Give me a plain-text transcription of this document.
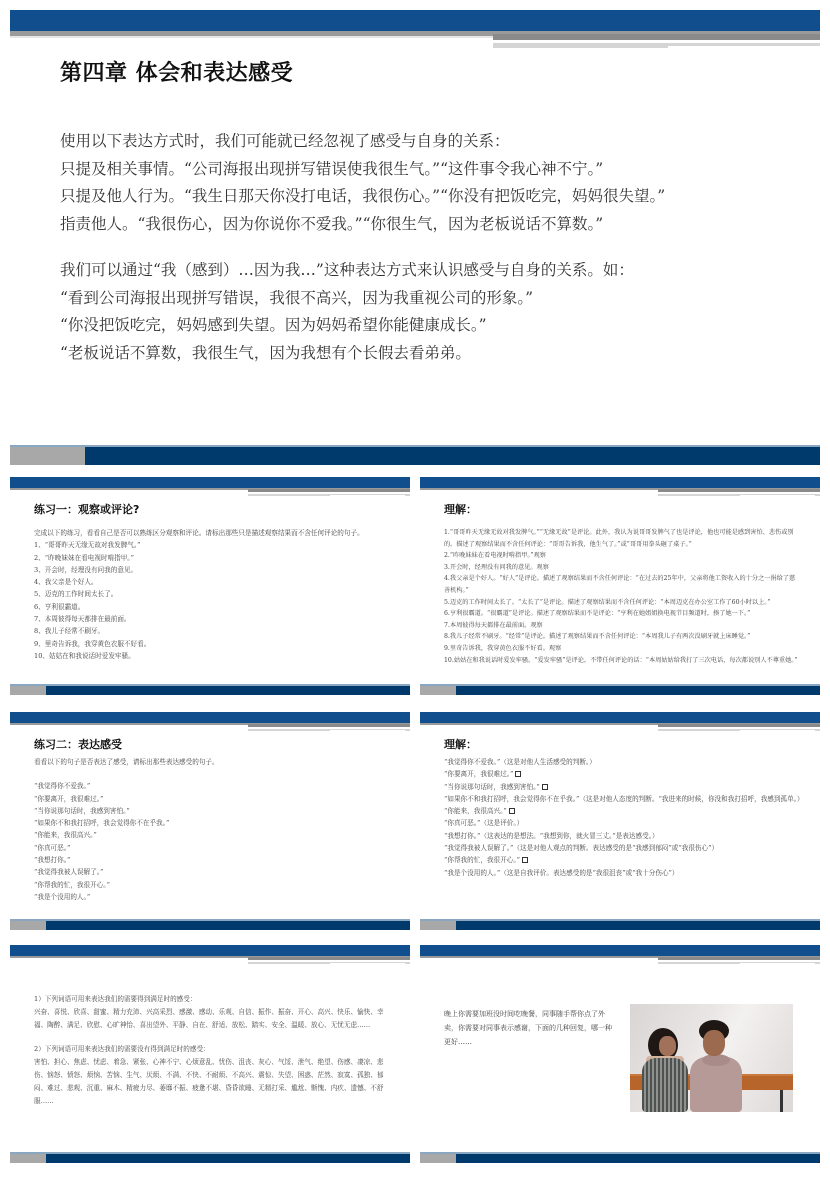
第四章 体会和表达感受
使用以下表达方式时，我们可能就已经忽视了感受与自身的关系：
只提及相关事情。“公司海报出现拼写错误使我很生气。”“这件事令我心神不宁。”
只提及他人行为。“我生日那天你没打电话，我很伤心。”“你没有把饭吃完，妈妈很失望。”
指责他人。“我很伤心，因为你说你不爱我。”“你很生气，因为老板说话不算数。”
我们可以通过“我（感到）…因为我…”这种表达方式来认识感受与自身的关系。如：
“看到公司海报出现拼写错误，我很不高兴，因为我重视公司的形象。”
“你没把饭吃完，妈妈感到失望。因为妈妈希望你能健康成长。”
“老板说话不算数，我很生气，因为我想有个长假去看弟弟。
练习一：观察或评论?
完成以下的练习，看看自己是否可以熟练区分观察和评论。请标出那些只是描述观察结果而不含任何评论的句子。
1、“哥哥昨天无缘无故对我发脾气。”
2、“昨晚妹妹在看电视时啃指甲。”
3、开会时，经理没有问我的意见。
4、我父亲是个好人。
5、迈克的工作时间太长了。
6、亨利很霸道。
7、本周彼得每天都排在最前面。
8、我儿子经常不刷牙。
9、里奇告诉我，我穿黄色衣服不好看。
10、姑姑在和我说话时爱发牢骚。
理解：
1.“哥哥昨天无缘无故对我发脾气。”“无缘无故”是评论。此外，我认为说哥哥发脾气了也是评论，他也可能是感到害怕、悲伤或别的。描述了观察结果而不含任何评论：“哥哥告诉我，他生气了。”或“哥哥用拳头砸了桌子。”
2.“昨晚妹妹在看电视时啃指甲。”观察
3.开会时，经理没有问我的意见。观察
4.我父亲是个好人。“好人”是评论。描述了观察结果而不含任何评论：“在过去的25年中，父亲将他工资收入的十分之一捐给了慈善机构。”
5.迈克的工作时间太长了。“太长了”是评论。描述了观察结果而不含任何评论：“本周迈克在办公室工作了60小时以上。”
6.亨利很霸道。“很霸道”是评论。描述了观察结果而不是评论：“亨利在她姐姐换电视节目频道时，揍了她一下。”
7.本周彼得每天都排在最前面。观察
8.我儿子经常不刷牙。“经常”是评论。描述了观察结果而不含任何评论：“本周我儿子有两次没刷牙就上床睡觉。”
9.里奇告诉我，我穿黄色衣服不好看。观察
10.姑姑在和我说话时爱发牢骚。“爱发牢骚”是评论。不带任何评论的话：“本周姑姑给我打了三次电话，每次都说别人不尊重她。”
练习二：表达感受
看看以下的句子是否表达了感受，请标出那些表达感受的句子。
“我觉得你不爱我。”
“你要离开，我很难过。”
“当你说那句话时，我感到害怕。”
“如果你不和我打招呼，我会觉得你不在乎我。”
“你能来，我很高兴。”
“你真可恶。”
“我想打你。”
“我觉得我被人误解了。”
“你帮我的忙，我很开心。”
“我是个没用的人。”
理解：
“我觉得你不爱我。”（这是对他人生活感受的判断。）
“你要离开，我很难过。”
“当你说那句话时，我感到害怕。”
“如果你不和我打招呼，我会觉得你不在乎我。”（这是对他人态度的判断。“我进来的时候，你没和我打招呼，我感到孤单。）
“你能来，我很高兴。”
“你真可恶。”（这是评价。）
“我想打你。”（这表达的是想法。“我想到你，就火冒三丈。”是表达感受。）
“我觉得我被人误解了。”（这是对他人观点的判断。表达感受的是“我感到郁闷”或“我很伤心”）
“你帮我的忙，我很开心。”
“我是个没用的人。”（这是自我评价。表达感受的是“我很沮丧”或“我十分伤心”）
1）下列词语可用来表达我们的需要得到满足时的感受：
兴奋、喜悦、欣喜、甜蜜、精力充沛、兴高采烈、感激、感动、乐观、自信、振作、振奋、开心、高兴、快乐、愉快、幸福、陶醉、满足、欣慰、心旷神怡、喜出望外、平静、自在、舒适、放松、踏实、安全、温暖、放心、无忧无虑……
2）下列词语可用来表达我们的需要没有得到满足时的感受：
害怕、担心、焦虑、忧虑、着急、紧张、心神不宁、心烦意乱、忧伤、沮丧、灰心、气馁、泄气、绝望、伤感、凄凉、悲伤、恼怒、愤怒、烦恼、苦恼、生气、厌烦、不满、不快、不耐烦、不高兴、震惊、失望、困惑、茫然、寂寞、孤独、郁闷、难过、悲观、沉重、麻木、精疲力尽、萎靡不振、疲惫不堪、昏昏欲睡、无精打采、尴尬、惭愧、内疚、遗憾、不舒服……
晚上你需要加班没时间吃晚餐，同事随手帮你点了外卖，你需要对同事表示感谢，下面的几种回复，哪一种更好……
